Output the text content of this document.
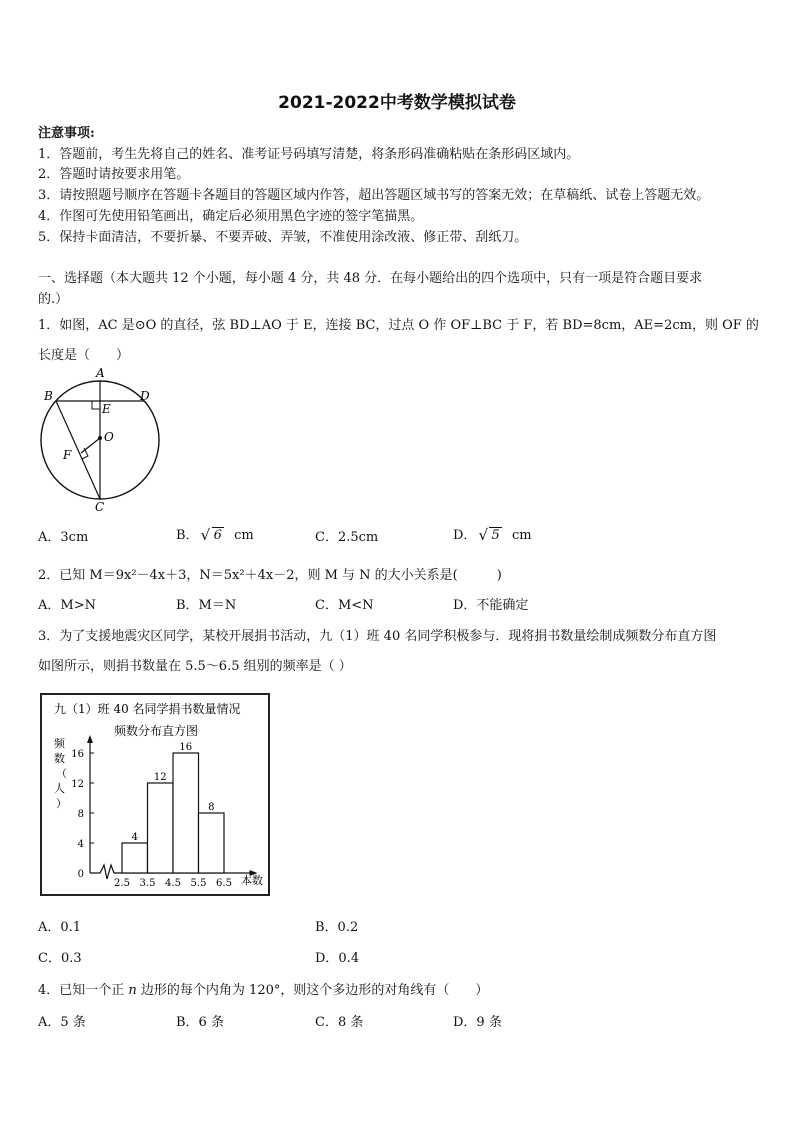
2021-2022中考数学模拟试卷
注意事项:
1．答题前，考生先将自己的姓名、准考证号码填写清楚，将条形码准确粘贴在条形码区域内。
2．答题时请按要求用笔。
3．请按照题号顺序在答题卡各题目的答题区域内作答，超出答题区域书写的答案无效；在草稿纸、试卷上答题无效。
4．作图可先使用铅笔画出，确定后必须用黑色字迹的签字笔描黑。
5．保持卡面清洁，不要折暴、不要弄破、弄皱，不准使用涂改液、修正带、刮纸刀。
一、选择题（本大题共 12 个小题，每小题 4 分，共 48 分．在每小题给出的四个选项中，只有一项是符合题目要求
的.）
1．如图，AC 是⊙O 的直径，弦 BD⊥AO 于 E，连接 BC，过点 O 作 OF⊥BC 于 F，若 BD=8cm，AE=2cm，则 OF 的
长度是（　　）
A
B	D
E
O
F
C
A．3cm	B． √ 6 cm	C．2.5cm	D． √ 5 cm
2．已知 M＝9x²－4x＋3，N＝5x²＋4x－2，则 M 与 N 的大小关系是(　　　)
A．M>N	B．M＝N	C．M<N	D．不能确定
3．为了支援地震灾区同学，某校开展捐书活动，九（1）班 40 名同学积极参与．现将捐书数量绘制成频数分布直方图
如图所示，则捐书数量在 5.5～6.5 组别的频率是（ ）
九（1）班 40 名同学捐书数量情况
频数分布直方图
频数（人）
本数
4
12
16
8
0
4
8
12
16
2.5 3.5 4.5 5.5 6.5
A．0.1	B．0.2
C．0.3	D．0.4
4．已知一个正 n 边形的每个内角为 120°，则这个多边形的对角线有（　　）
A．5 条	B．6 条	C．8 条	D．9 条
